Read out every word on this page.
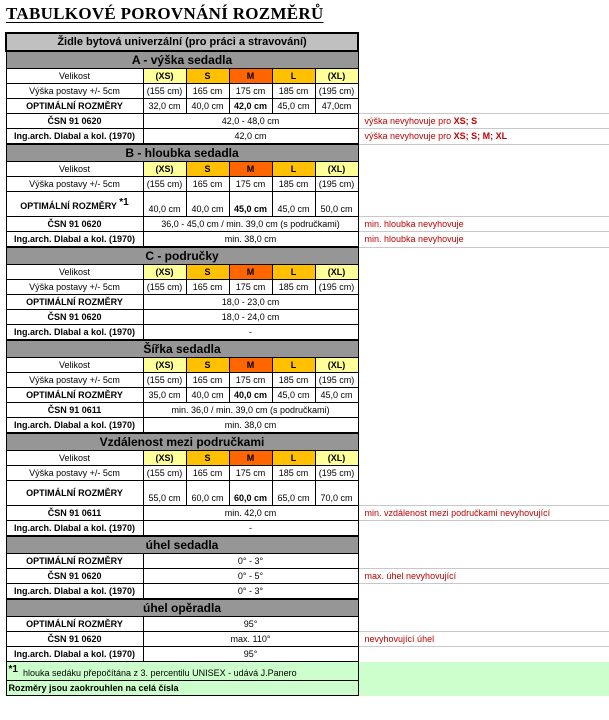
TABULKOVÉ POROVNÁNÍ ROZMĚRŮ
Židle bytová univerzální (pro práci a stravování)						
A - výška sedadla						
Velikost	(XS)	S	M	L	(XL)	
Výška postavy +/- 5cm	(155 cm)	165 cm	175 cm	185 cm	(195 cm)	
OPTIMÁLNÍ ROZMĚRY	32,0 cm	40,0 cm	42,0 cm	45,0 cm	47,0cm	
ČSN 91 0620	42,0 - 48,0 cm					výška nevyhovuje pro XS; S
Ing.arch. Dlabal a kol. (1970)	42,0 cm					výška nevyhovuje pro XS; S; M; XL
B - hloubka sedadla						
Velikost	(XS)	S	M	L	(XL)	
Výška postavy +/- 5cm	(155 cm)	165 cm	175 cm	185 cm	(195 cm)	
OPTIMÁLNÍ ROZMĚRY $^{*1}$	40,0 cm	40,0 cm	45,0 cm	45,0 cm	50,0 cm	
ČSN 91 0620	36,0 - 45,0 cm / min. 39,0 cm (s područkami)					min. hloubka nevyhovuje
Ing.arch. Dlabal a kol. (1970)	min. 38,0 cm					min. hloubka nevyhovuje
C - područky						
Velikost	(XS)	S	M	L	(XL)	
Výška postavy +/- 5cm	(155 cm)	165 cm	175 cm	185 cm	(195 cm)	
OPTIMÁLNÍ ROZMĚRY	18,0 - 23,0 cm					
ČSN 91 0620	18,0 - 24,0 cm					
Ing.arch. Dlabal a kol. (1970)	-					
Šířka sedadla						
Velikost	(XS)	S	M	L	(XL)	
Výška postavy +/- 5cm	(155 cm)	165 cm	175 cm	185 cm	(195 cm)	
OPTIMÁLNÍ ROZMĚRY	35,0 cm	40,0 cm	40,0 cm	45,0 cm	45,0 cm	
ČSN 91 0611	min. 36,0 / min. 39,0 cm (s područkami)					
Ing.arch. Dlabal a kol. (1970)	min. 38,0 cm					
Vzdálenost mezi područkami						
Velikost	(XS)	S	M	L	(XL)	
Výška postavy +/- 5cm	(155 cm)	165 cm	175 cm	185 cm	(195 cm)	
OPTIMÁLNÍ ROZMĚRY	55,0 cm	60,0 cm	60,0 cm	65,0 cm	70,0 cm	
ČSN 91 0611	min. 42,0 cm					min. vzdálenost mezi područkami nevyhovující
Ing.arch. Dlabal a kol. (1970)	-					
úhel sedadla						
OPTIMÁLNÍ ROZMĚRY	0° - 3°					
ČSN 91 0620	0° - 5°					max. úhel nevyhovující
Ing.arch. Dlabal a kol. (1970)	0° - 3°					
úhel opěradla						
OPTIMÁLNÍ ROZMĚRY	95°					
ČSN 91 0620	max. 110°					nevyhovující úhel
Ing.arch. Dlabal a kol. (1970)	95°					
$^{*1}$ hlouka sedáku přepočítána z 3. percentilu UNISEX - udává J.Panero						
Rozměry jsou zaokrouhlen na celá čísla						
